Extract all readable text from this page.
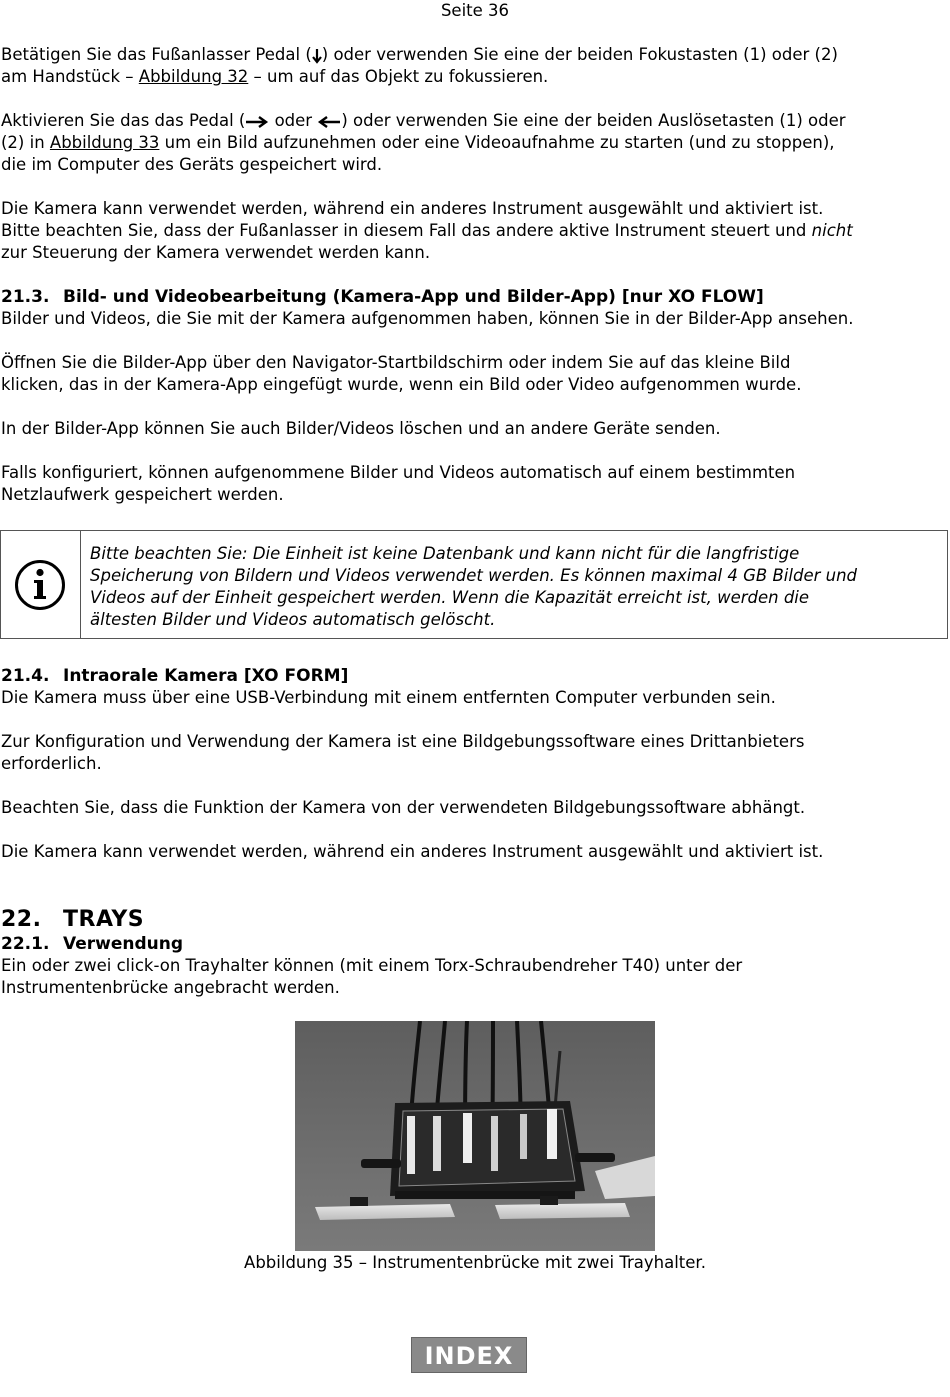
Seite 36

Betätigen Sie das Fußanlasser Pedal ( ) oder verwenden Sie eine der beiden Fokustasten (1) oder (2)

am Handstück – Abbildung 32 – um auf das Objekt zu fokussieren.

Aktivieren Sie das das Pedal ( oder ) oder verwenden Sie eine der beiden Auslösetasten (1) oder

(2) in Abbildung 33 um ein Bild aufzunehmen oder eine Videoaufnahme zu starten (und zu stoppen),

die im Computer des Geräts gespeichert wird.

Die Kamera kann verwendet werden, während ein anderes Instrument ausgewählt und aktiviert ist.

Bitte beachten Sie, dass der Fußanlasser in diesem Fall das andere aktive Instrument steuert und nicht

zur Steuerung der Kamera verwendet werden kann.

21.3. Bild- und Videobearbeitung (Kamera-App und Bilder-App) [nur XO FLOW]

Bilder und Videos, die Sie mit der Kamera aufgenommen haben, können Sie in der Bilder-App ansehen.

Öffnen Sie die Bilder-App über den Navigator-Startbildschirm oder indem Sie auf das kleine Bild

klicken, das in der Kamera-App eingefügt wurde, wenn ein Bild oder Video aufgenommen wurde.

In der Bilder-App können Sie auch Bilder/Videos löschen und an andere Geräte senden.

Falls konfiguriert, können aufgenommene Bilder und Videos automatisch auf einem bestimmten

Netzlaufwerk gespeichert werden.

Bitte beachten Sie: Die Einheit ist keine Datenbank und kann nicht für die langfristige
Speicherung von Bildern und Videos verwendet werden. Es können maximal 4 GB Bilder und
Videos auf der Einheit gespeichert werden. Wenn die Kapazität erreicht ist, werden die
ältesten Bilder und Videos automatisch gelöscht.

21.4. Intraorale Kamera [XO FORM]

Die Kamera muss über eine USB-Verbindung mit einem entfernten Computer verbunden sein.

Zur Konfiguration und Verwendung der Kamera ist eine Bildgebungssoftware eines Drittanbieters

erforderlich.

Beachten Sie, dass die Funktion der Kamera von der verwendeten Bildgebungssoftware abhängt.

Die Kamera kann verwendet werden, während ein anderes Instrument ausgewählt und aktiviert ist.

22. TRAYS

22.1. Verwendung

Ein oder zwei click-on Trayhalter können (mit einem Torx-Schraubendreher T40) unter der

Instrumentenbrücke angebracht werden.

Abbildung 35 – Instrumentenbrücke mit zwei Trayhalter.
INDEX
